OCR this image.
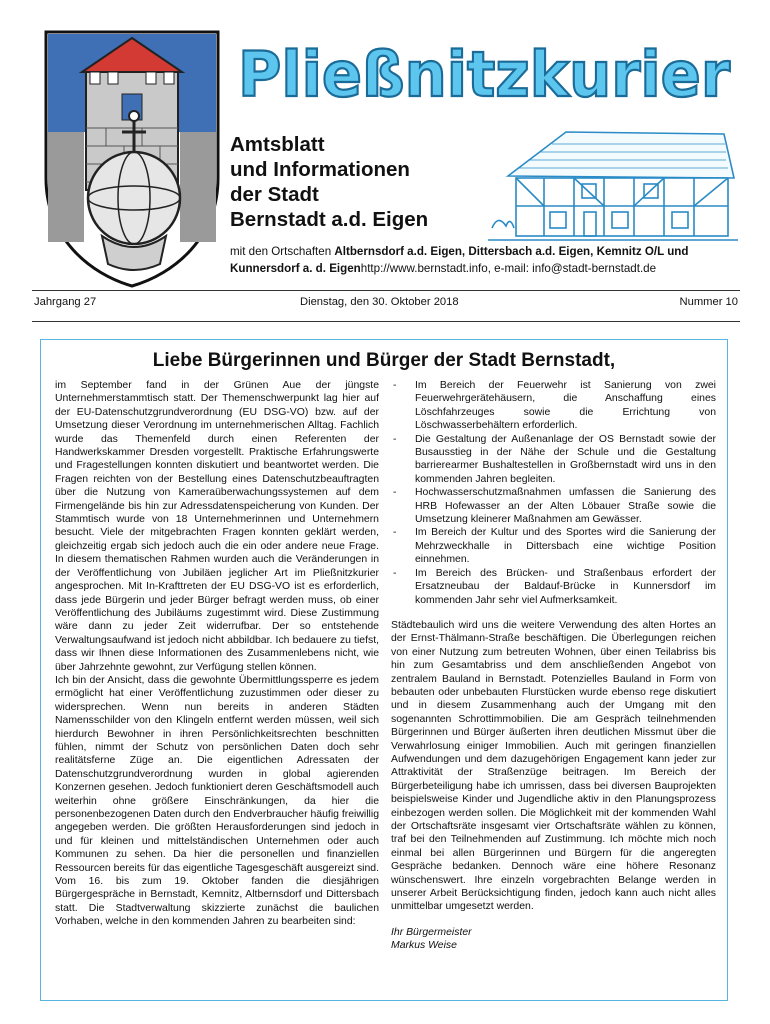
Pließnitzkurier
Amtsblatt
und Informationen
der Stadt
Bernstadt a.d. Eigen
mit den Ortschaften Altbernsdorf a.d. Eigen, Dittersbach a.d. Eigen, Kemnitz O/L und Kunnersdorf a. d. Eigenhttp://www.bernstadt.info, e-mail: info@stadt-bernstadt.de
Jahrgang 27	Dienstag, den 30. Oktober 2018	Nummer 10
Liebe Bürgerinnen und Bürger der Stadt Bernstadt,

im September fand in der Grünen Aue der jüngste Unternehmerstammtisch statt. Der Themenschwerpunkt lag hier auf der EU-Datenschutzgrundverordnung (EU DSG-VO) bzw. auf der Umsetzung dieser Verordnung im unternehmerischen Alltag. Fachlich wurde das Themenfeld durch einen Referenten der Handwerkskammer Dresden vorgestellt. Praktische Erfahrungswerte und Fragestellungen konnten diskutiert und beantwortet werden. Die Fragen reichten von der Bestellung eines Datenschutzbeauftragten über die Nutzung von Kameraüberwachungssystemen auf dem Firmengelände bis hin zur Adressdatenspeicherung von Kunden. Der Stammtisch wurde von 18 Unternehmerinnen und Unternehmern besucht. Viele der mitgebrachten Fragen konnten geklärt werden, gleichzeitig ergab sich jedoch auch die ein oder andere neue Frage. In diesem thematischen Rahmen wurden auch die Veränderungen in der Veröffentlichung von Jubiläen jeglicher Art im Pließnitzkurier angesprochen. Mit In-Krafttreten der EU DSG-VO ist es erforderlich, dass jede Bürgerin und jeder Bürger befragt werden muss, ob einer Veröffentlichung des Jubiläums zugestimmt wird. Diese Zustimmung wäre dann zu jeder Zeit widerrufbar. Der so entstehende Verwaltungsaufwand ist jedoch nicht abbildbar. Ich bedauere zu tiefst, dass wir Ihnen diese Informationen des Zusammenlebens nicht, wie über Jahrzehnte gewohnt, zur Verfügung stellen können.

Ich bin der Ansicht, dass die gewohnte Übermittlungssperre es jedem ermöglicht hat einer Veröffentlichung zuzustimmen oder dieser zu widersprechen. Wenn nun bereits in anderen Städten Namensschilder von den Klingeln entfernt werden müssen, weil sich hierdurch Bewohner in ihren Persönlichkeitsrechten beschnitten fühlen, nimmt der Schutz von persönlichen Daten doch sehr realitätsferne Züge an. Die eigentlichen Adressaten der Datenschutzgrundverordnung wurden in global agierenden Konzernen gesehen. Jedoch funktioniert deren Geschäftsmodell auch weiterhin ohne größere Einschränkungen, da hier die personenbezogenen Daten durch den Endverbraucher häufig freiwillig angegeben werden. Die größten Herausforderungen sind jedoch in und für kleinen und mittelständischen Unternehmen oder auch Kommunen zu sehen. Da hier die personellen und finanziellen Ressourcen bereits für das eigentliche Tagesgeschäft ausgereizt sind. Vom 16. bis zum 19. Oktober fanden die diesjährigen Bürgergespräche in Bernstadt, Kemnitz, Altbernsdorf und Dittersbach statt. Die Stadtverwaltung skizzierte zunächst die baulichen Vorhaben, welche in den kommenden Jahren zu bearbeiten sind:

- Im Bereich der Feuerwehr ist Sanierung von zwei Feuerwehrgerätehäusern, die Anschaffung eines Löschfahrzeuges sowie die Errichtung von Löschwasserbehältern erforderlich.
- Die Gestaltung der Außenanlage der OS Bernstadt sowie der Busausstieg in der Nähe der Schule und die Gestaltung barrierearmer Bushaltestellen in Großbernstadt wird uns in den kommenden Jahren begleiten.
- Hochwasserschutzmaßnahmen umfassen die Sanierung des HRB Hofewasser an der Alten Löbauer Straße sowie die Umsetzung kleinerer Maßnahmen am Gewässer.
- Im Bereich der Kultur und des Sportes wird die Sanierung der Mehrzweckhalle in Dittersbach eine wichtige Position einnehmen.
- Im Bereich des Brücken- und Straßenbaus erfordert der Ersatzneubau der Baldauf-Brücke in Kunnersdorf im kommenden Jahr sehr viel Aufmerksamkeit.

Städtebaulich wird uns die weitere Verwendung des alten Hortes an der Ernst-Thälmann-Straße beschäftigen. Die Überlegungen reichen von einer Nutzung zum betreuten Wohnen, über einen Teilabriss bis hin zum Gesamtabriss und dem anschließenden Angebot von zentralem Bauland in Bernstadt. Potenzielles Bauland in Form von bebauten oder unbebauten Flurstücken wurde ebenso rege diskutiert und in diesem Zusammenhang auch der Umgang mit den sogenannten Schrottimmobilien. Die am Gespräch teilnehmenden Bürgerinnen und Bürger äußerten ihren deutlichen Missmut über die Verwahrlosung einiger Immobilien. Auch mit geringen finanziellen Aufwendungen und dem dazugehörigen Engagement kann jeder zur Attraktivität der Straßenzüge beitragen. Im Bereich der Bürgerbeteiligung habe ich umrissen, dass bei diversen Bauprojekten beispielsweise Kinder und Jugendliche aktiv in den Planungsprozess einbezogen werden sollen. Die Möglichkeit mit der kommenden Wahl der Ortschaftsräte insgesamt vier Ortschaftsräte wählen zu können, traf bei den Teilnehmenden auf Zustimmung. Ich möchte mich noch einmal bei allen Bürgerinnen und Bürgern für die angeregten Gespräche bedanken. Dennoch wäre eine höhere Resonanz wünschenswert. Ihre einzeln vorgebrachten Belange werden in unserer Arbeit Berücksichtigung finden, jedoch kann auch nicht alles unmittelbar umgesetzt werden.

Ihr Bürgermeister
Markus Weise
